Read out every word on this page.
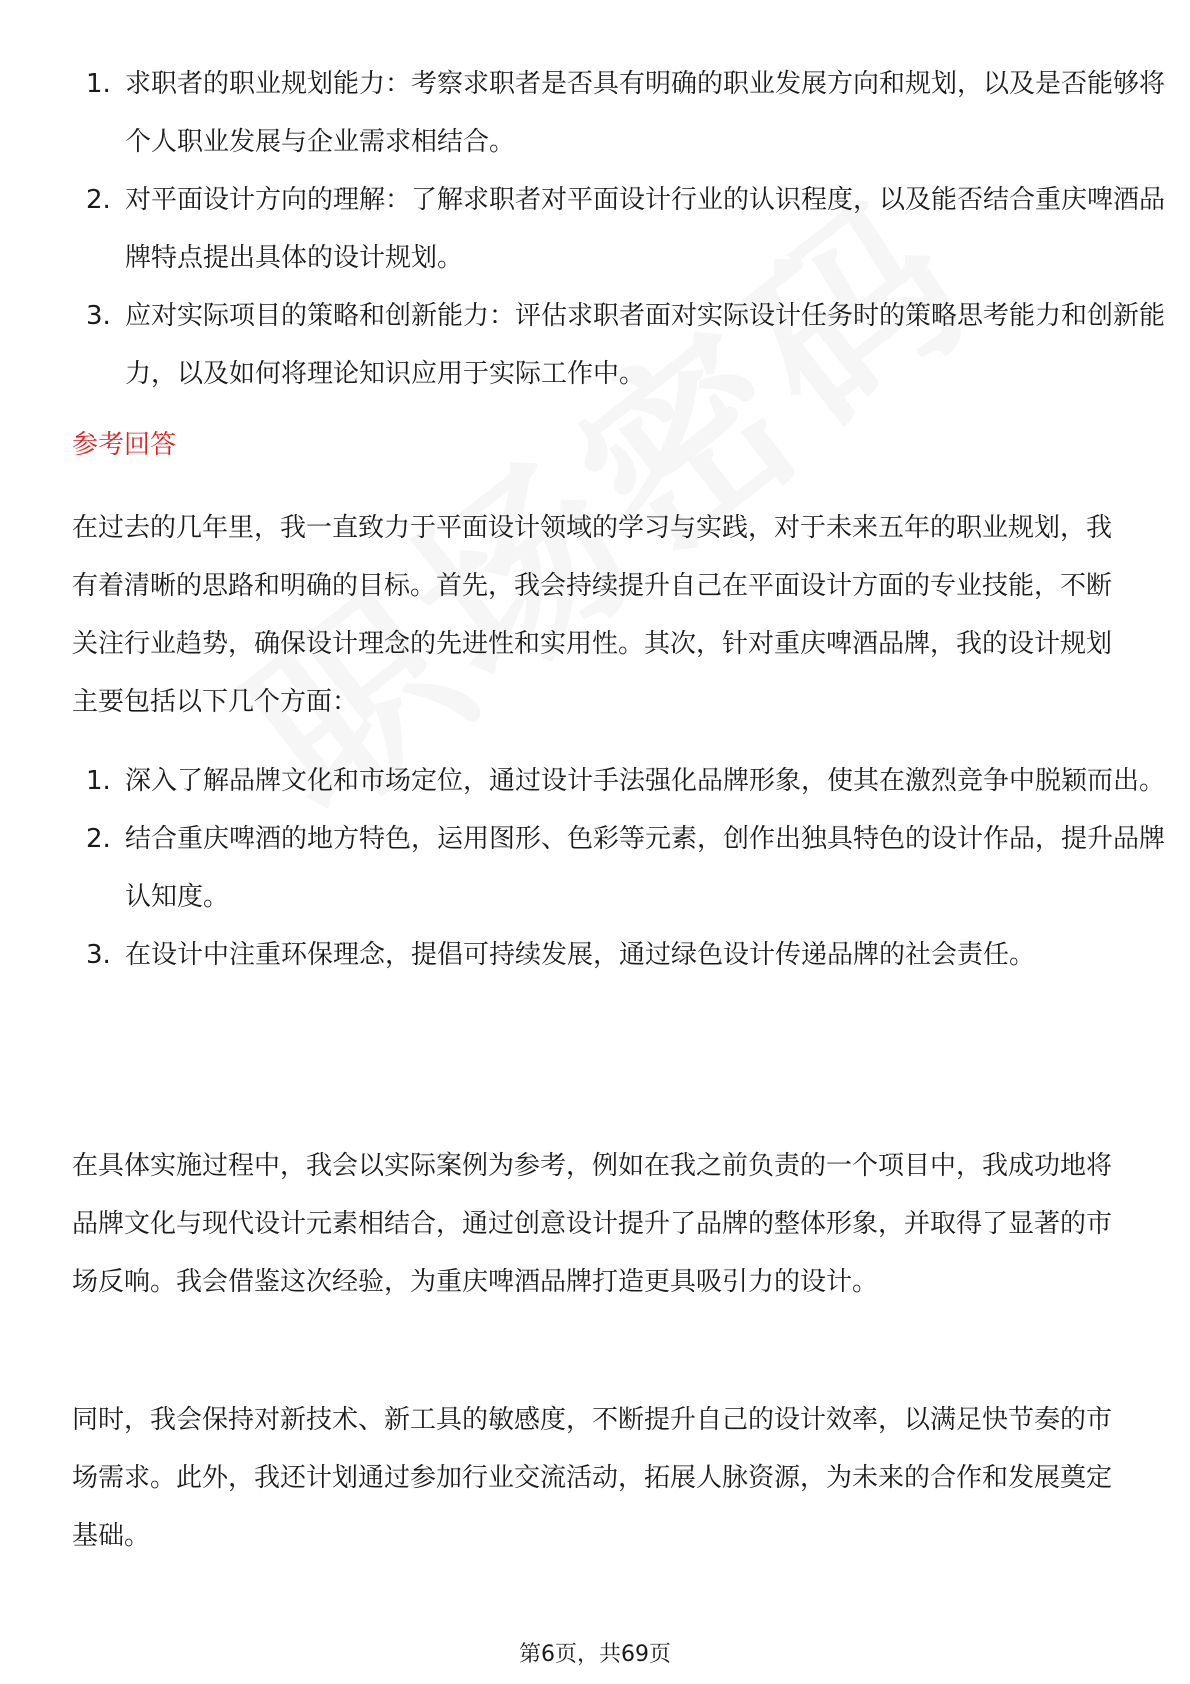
1. 求职者的职业规划能力：考察求职者是否具有明确的职业发展方向和规划，以及是否能够将个人职业发展与企业需求相结合。
2. 对平面设计方向的理解：了解求职者对平面设计行业的认识程度，以及能否结合重庆啤酒品牌特点提出具体的设计规划。
3. 应对实际项目的策略和创新能力：评估求职者面对实际设计任务时的策略思考能力和创新能力，以及如何将理论知识应用于实际工作中。
参考回答

在过去的几年里，我一直致力于平面设计领域的学习与实践，对于未来五年的职业规划，我有着清晰的思路和明确的目标。首先，我会持续提升自己在平面设计方面的专业技能，不断关注行业趋势，确保设计理念的先进性和实用性。其次，针对重庆啤酒品牌，我的设计规划主要包括以下几个方面：

1. 深入了解品牌文化和市场定位，通过设计手法强化品牌形象，使其在激烈竞争中脱颖而出。
2. 结合重庆啤酒的地方特色，运用图形、色彩等元素，创作出独具特色的设计作品，提升品牌认知度。
3. 在设计中注重环保理念，提倡可持续发展，通过绿色设计传递品牌的社会责任。

在具体实施过程中，我会以实际案例为参考，例如在我之前负责的一个项目中，我成功地将品牌文化与现代设计元素相结合，通过创意设计提升了品牌的整体形象，并取得了显著的市场反响。我会借鉴这次经验，为重庆啤酒品牌打造更具吸引力的设计。

同时，我会保持对新技术、新工具的敏感度，不断提升自己的设计效率，以满足快节奏的市场需求。此外，我还计划通过参加行业交流活动，拓展人脉资源，为未来的合作和发展奠定基础。

第6页，共69页
